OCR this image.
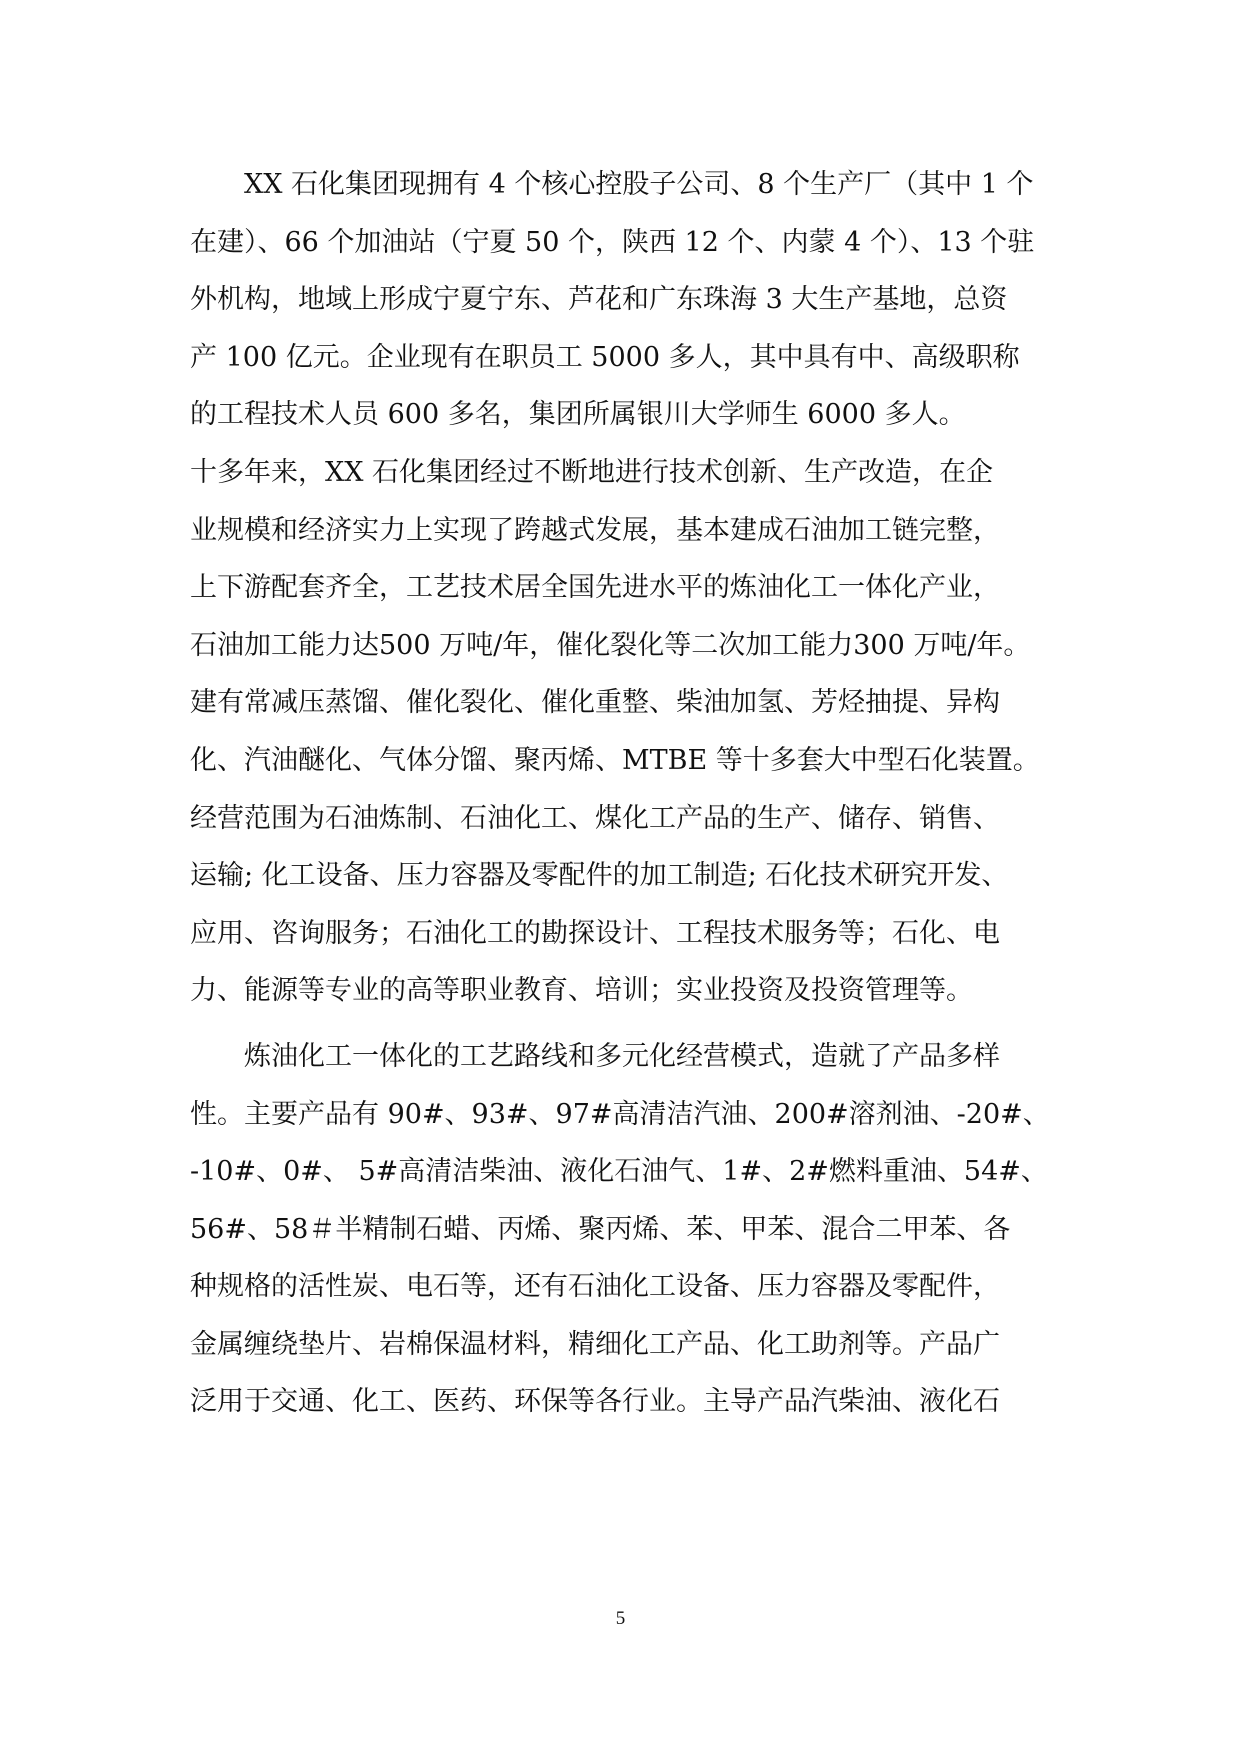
　　XX 石化集团现拥有 4 个核心控股子公司、8 个生产厂（其中 1 个
在建）、66 个加油站（宁夏 50 个，陕西 12 个、内蒙 4 个）、13 个驻
外机构，地域上形成宁夏宁东、芦花和广东珠海 3 大生产基地，总资
产 100 亿元。企业现有在职员工 5000 多人，其中具有中、高级职称
的工程技术人员 600 多名，集团所属银川大学师生 6000 多人。
十多年来，XX 石化集团经过不断地进行技术创新、生产改造，在企
业规模和经济实力上实现了跨越式发展，基本建成石油加工链完整，
上下游配套齐全，工艺技术居全国先进水平的炼油化工一体化产业，
石油加工能力达500 万吨/年，催化裂化等二次加工能力300 万吨/年。
建有常减压蒸馏、催化裂化、催化重整、柴油加氢、芳烃抽提、异构
化、汽油醚化、气体分馏、聚丙烯、MTBE 等十多套大中型石化装置。
经营范围为石油炼制、石油化工、煤化工产品的生产、储存、销售、
运输; 化工设备、压力容器及零配件的加工制造; 石化技术研究开发、
应用、咨询服务；石油化工的勘探设计、工程技术服务等；石化、电
力、能源等专业的高等职业教育、培训；实业投资及投资管理等。
　　炼油化工一体化的工艺路线和多元化经营模式，造就了产品多样
性。主要产品有 90#、93#、97#高清洁汽油、200#溶剂油、-20#、
-10#、0#、 5#高清洁柴油、液化石油气、1#、2#燃料重油、54#、
56#、58＃半精制石蜡、丙烯、聚丙烯、苯、甲苯、混合二甲苯、各
种规格的活性炭、电石等，还有石油化工设备、压力容器及零配件，
金属缠绕垫片、岩棉保温材料，精细化工产品、化工助剂等。产品广
泛用于交通、化工、医药、环保等各行业。主导产品汽柴油、液化石
5
